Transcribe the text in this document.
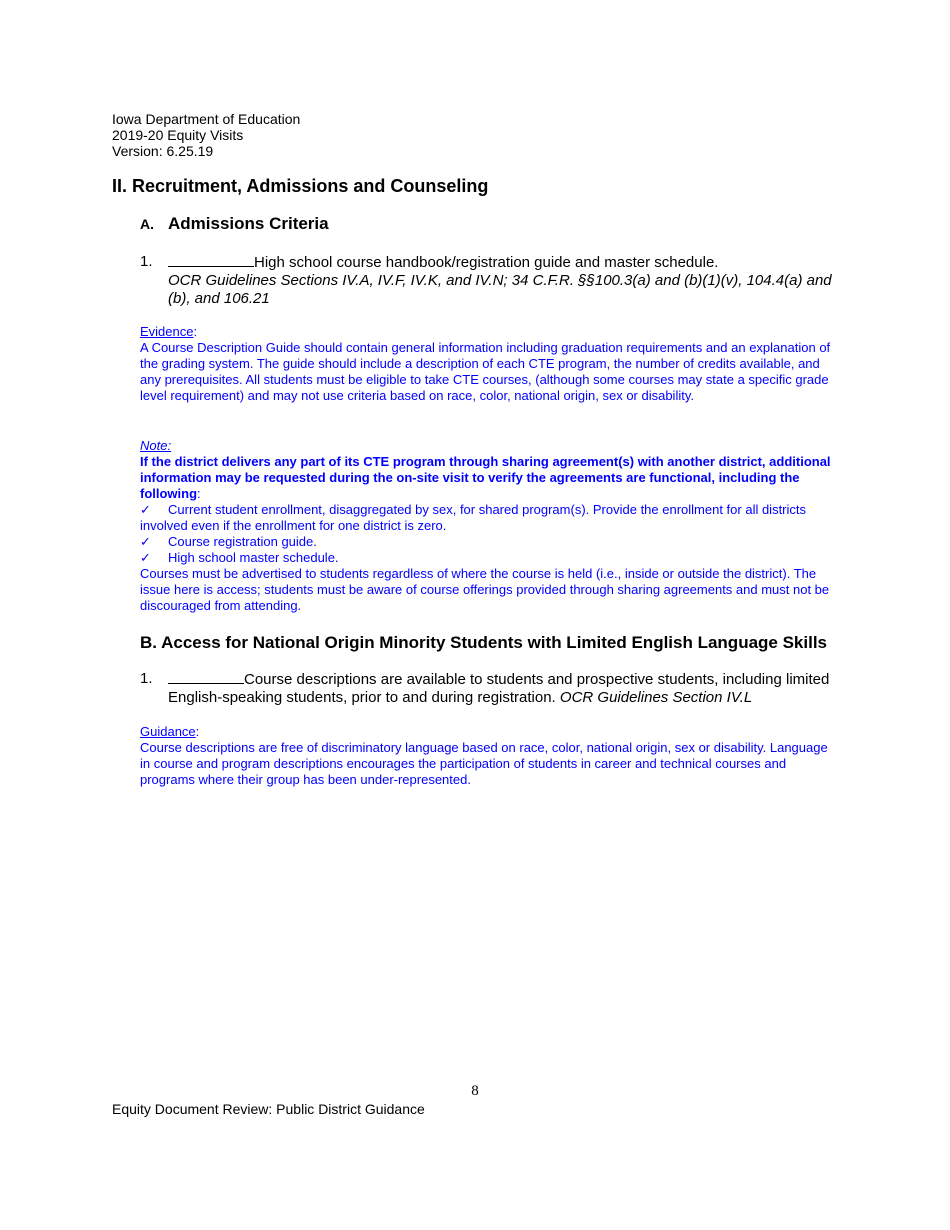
Iowa Department of Education
2019-20 Equity Visits
Version: 6.25.19
II. Recruitment, Admissions and Counseling
A. Admissions Criteria
1.	High school course handbook/registration guide and master schedule.
OCR Guidelines Sections IV.A, IV.F, IV.K, and IV.N; 34 C.F.R. §§100.3(a) and (b)(1)(v), 104.4(a) and (b), and 106.21
Evidence:
A Course Description Guide should contain general information including graduation requirements and an explanation of the grading system. The guide should include a description of each CTE program, the number of credits available, and any prerequisites. All students must be eligible to take CTE courses, (although some courses may state a specific grade level requirement) and may not use criteria based on race, color, national origin, sex or disability.
Note:
If the district delivers any part of its CTE program through sharing agreement(s) with another district, additional information may be requested during the on-site visit to verify the agreements are functional, including the following:
✓ Current student enrollment, disaggregated by sex, for shared program(s). Provide the enrollment for all districts involved even if the enrollment for one district is zero.
✓ Course registration guide.
✓ High school master schedule.
Courses must be advertised to students regardless of where the course is held (i.e., inside or outside the district). The issue here is access; students must be aware of course offerings provided through sharing agreements and must not be discouraged from attending.
B. Access for National Origin Minority Students with Limited English Language Skills
1.	Course descriptions are available to students and prospective students, including limited English-speaking students, prior to and during registration. OCR Guidelines Section IV.L
Guidance:
Course descriptions are free of discriminatory language based on race, color, national origin, sex or disability. Language in course and program descriptions encourages the participation of students in career and technical courses and programs where their group has been under-represented.
8
Equity Document Review: Public District Guidance
